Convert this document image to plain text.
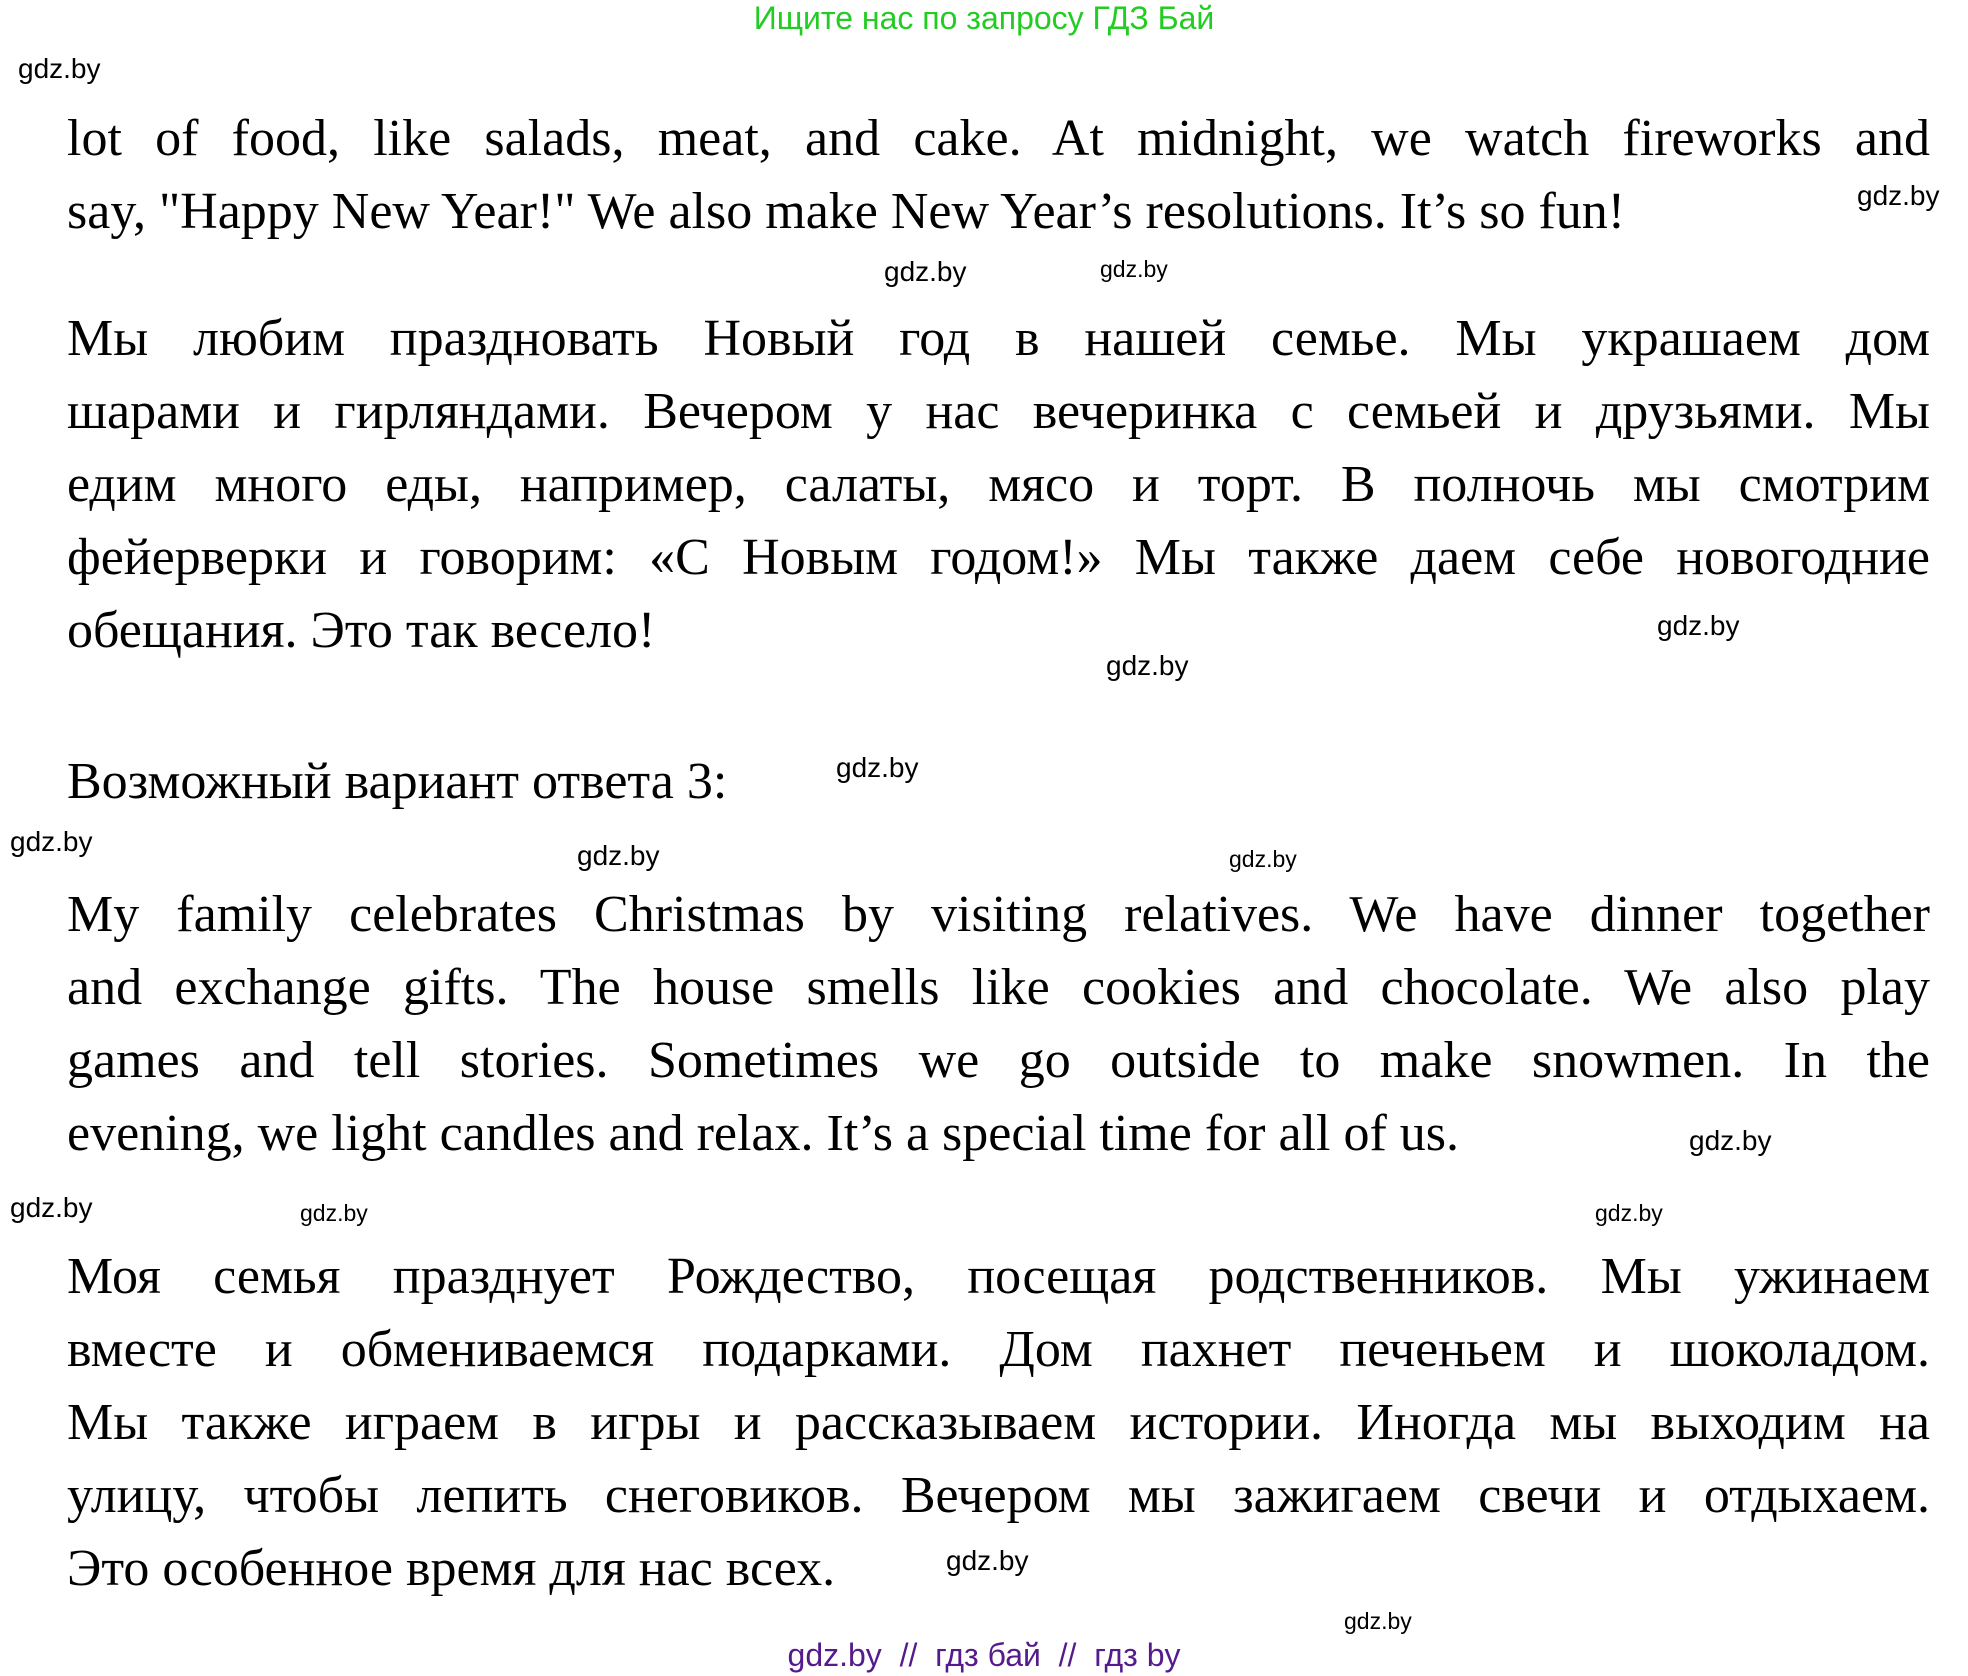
Ищите нас по запросу ГДЗ Бай
lot of food, like salads, meat, and cake. At midnight, we watch fireworks and
say, "Happy New Year!" We also make New Year’s resolutions. It’s so fun!
Мы любим праздновать Новый год в нашей семье. Мы украшаем дом
шарами и гирляндами. Вечером у нас вечеринка с семьей и друзьями. Мы
едим много еды, например, салаты, мясо и торт. В полночь мы смотрим
фейерверки и говорим: «С Новым годом!» Мы также даем себе новогодние
обещания. Это так весело!
Возможный вариант ответа 3:
My family celebrates Christmas by visiting relatives. We have dinner together
and exchange gifts. The house smells like cookies and chocolate. We also play
games and tell stories. Sometimes we go outside to make snowmen. In the
evening, we light candles and relax. It’s a special time for all of us.
Моя семья празднует Рождество, посещая родственников. Мы ужинаем
вместе и обмениваемся подарками. Дом пахнет печеньем и шоколадом.
Мы также играем в игры и рассказываем истории. Иногда мы выходим на
улицу, чтобы лепить снеговиков. Вечером мы зажигаем свечи и отдыхаем.
Это особенное время для нас всех.
gdz.by
gdz.by
gdz.by
gdz.by
gdz.by
gdz.by
gdz.by
gdz.by	gdz.by	gdz.by
gdz.by
gdz.by	gdz.by
gdz.by
gdz.by
gdz.by
gdz.by  //  гдз бай  //  гдз by
